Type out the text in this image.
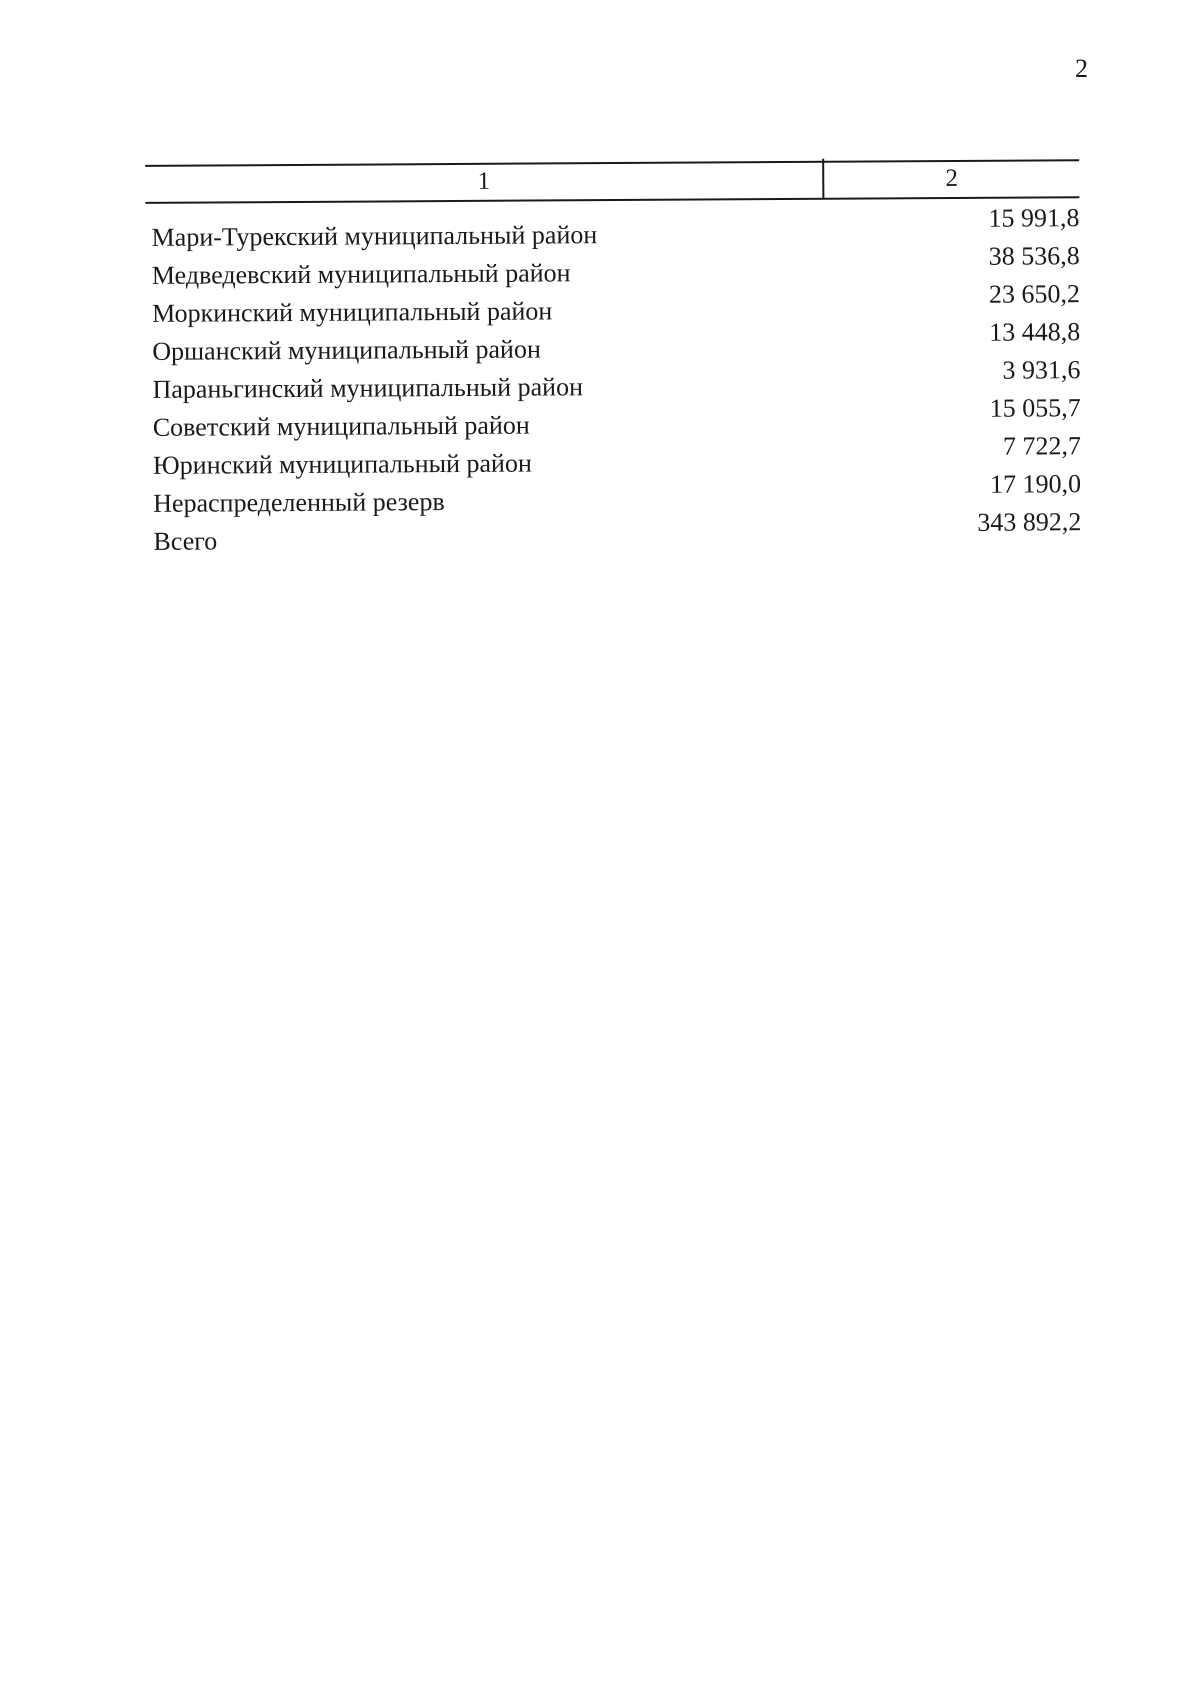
2
1	2
Мари-Турекский муниципальный район
15 991,8
Медведевский муниципальный район
38 536,8
Моркинский муниципальный район
23 650,2
Оршанский муниципальный район
13 448,8
Параньгинский муниципальный район
3 931,6
Советский муниципальный район
15 055,7
Юринский муниципальный район
7 722,7
Нераспределенный резерв
17 190,0
Всего
343 892,2
